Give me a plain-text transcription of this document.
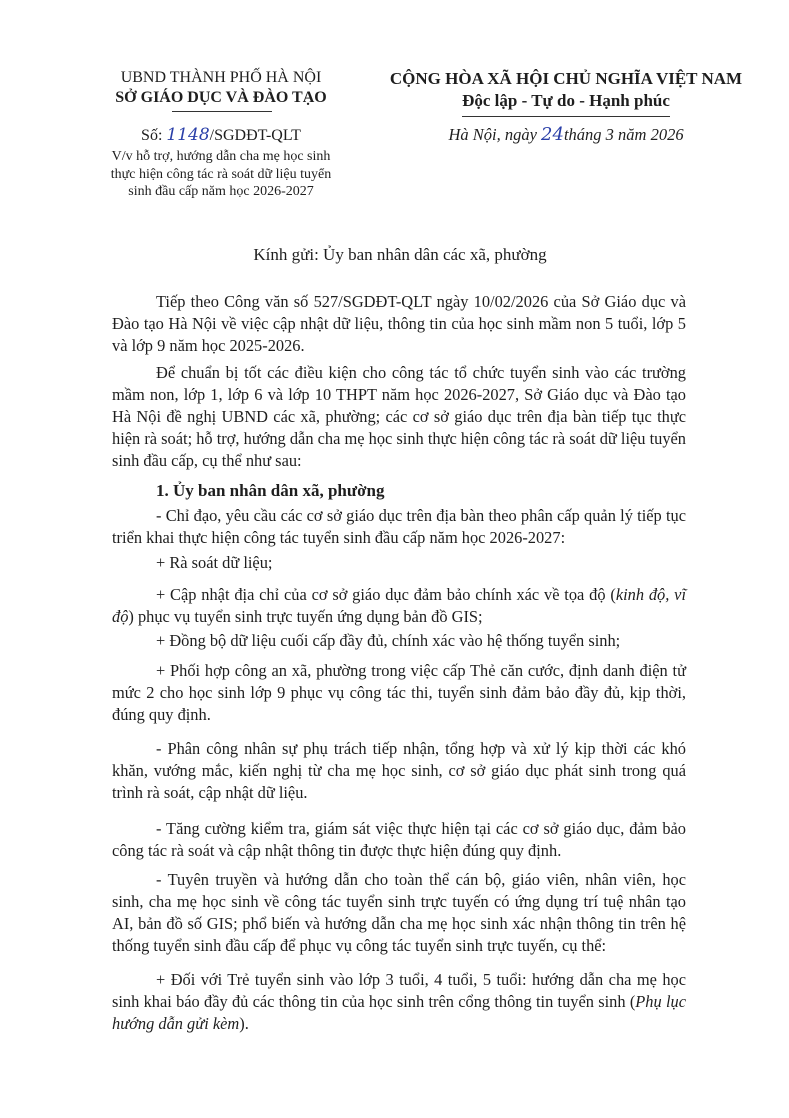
UBND THÀNH PHỐ HÀ NỘI
SỞ GIÁO DỤC VÀ ĐÀO TẠO
CỘNG HÒA XÃ HỘI CHỦ NGHĨA VIỆT NAM
Độc lập - Tự do - Hạnh phúc
Số: 1148/SGDĐT-QLT
V/v hỗ trợ, hướng dẫn cha mẹ học sinh
thực hiện công tác rà soát dữ liệu tuyển
sinh đầu cấp năm học 2026-2027
Hà Nội, ngày 24tháng 3 năm 2026
Kính gửi: Ủy ban nhân dân các xã, phường
Tiếp theo Công văn số 527/SGDĐT-QLT ngày 10/02/2026 của Sở Giáo dục và Đào tạo Hà Nội về việc cập nhật dữ liệu, thông tin của học sinh mầm non 5 tuổi, lớp 5 và lớp 9 năm học 2025-2026.
Để chuẩn bị tốt các điều kiện cho công tác tổ chức tuyển sinh vào các trường mầm non, lớp 1, lớp 6 và lớp 10 THPT năm học 2026-2027, Sở Giáo dục và Đào tạo Hà Nội đề nghị UBND các xã, phường; các cơ sở giáo dục trên địa bàn tiếp tục thực hiện rà soát; hỗ trợ, hướng dẫn cha mẹ học sinh thực hiện công tác rà soát dữ liệu tuyển sinh đầu cấp, cụ thể như sau:
1. Ủy ban nhân dân xã, phường
- Chỉ đạo, yêu cầu các cơ sở giáo dục trên địa bàn theo phân cấp quản lý tiếp tục triển khai thực hiện công tác tuyển sinh đầu cấp năm học 2026-2027:
+ Rà soát dữ liệu;
+ Cập nhật địa chỉ của cơ sở giáo dục đảm bảo chính xác về tọa độ (kinh độ, vĩ độ) phục vụ tuyển sinh trực tuyến ứng dụng bản đồ GIS;
+ Đồng bộ dữ liệu cuối cấp đầy đủ, chính xác vào hệ thống tuyển sinh;
+ Phối hợp công an xã, phường trong việc cấp Thẻ căn cước, định danh điện tử mức 2 cho học sinh lớp 9 phục vụ công tác thi, tuyển sinh đảm bảo đầy đủ, kịp thời, đúng quy định.
- Phân công nhân sự phụ trách tiếp nhận, tổng hợp và xử lý kịp thời các khó khăn, vướng mắc, kiến nghị từ cha mẹ học sinh, cơ sở giáo dục phát sinh trong quá trình rà soát, cập nhật dữ liệu.
- Tăng cường kiểm tra, giám sát việc thực hiện tại các cơ sở giáo dục, đảm bảo công tác rà soát và cập nhật thông tin được thực hiện đúng quy định.
- Tuyên truyền và hướng dẫn cho toàn thể cán bộ, giáo viên, nhân viên, học sinh, cha mẹ học sinh về công tác tuyển sinh trực tuyến có ứng dụng trí tuệ nhân tạo AI, bản đồ số GIS; phổ biến và hướng dẫn cha mẹ học sinh xác nhận thông tin trên hệ thống tuyển sinh đầu cấp để phục vụ công tác tuyển sinh trực tuyến, cụ thể:
+ Đối với Trẻ tuyển sinh vào lớp 3 tuổi, 4 tuổi, 5 tuổi: hướng dẫn cha mẹ học sinh khai báo đầy đủ các thông tin của học sinh trên cổng thông tin tuyển sinh (Phụ lục hướng dẫn gửi kèm).
